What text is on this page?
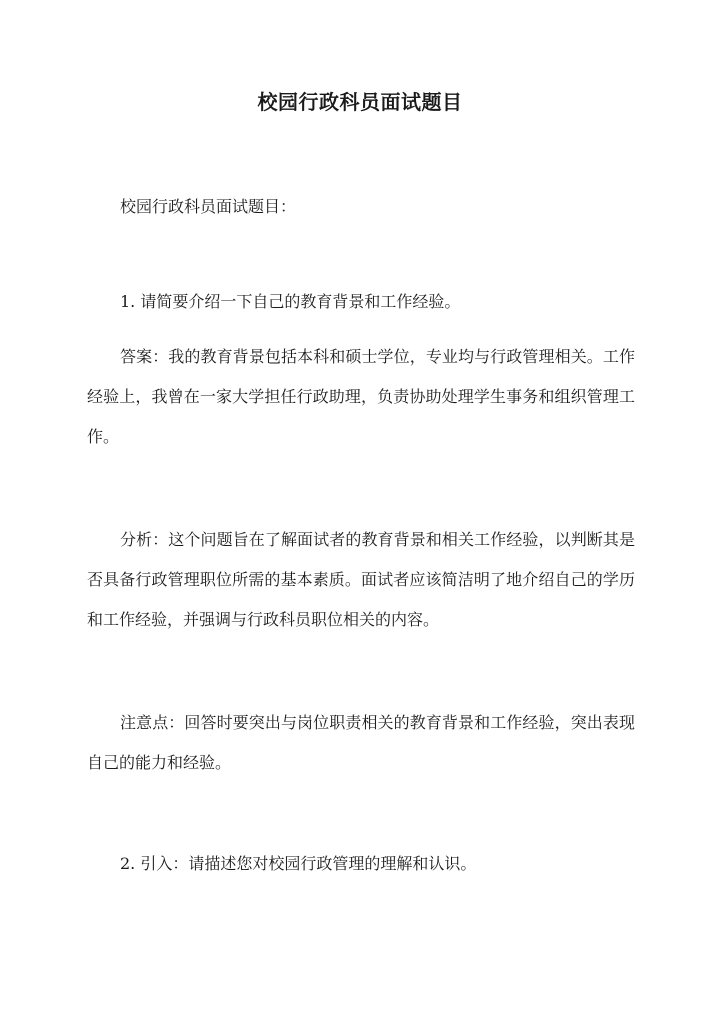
校园行政科员面试题目

校园行政科员面试题目：

1. 请简要介绍一下自己的教育背景和工作经验。

答案：我的教育背景包括本科和硕士学位，专业均与行政管理相关。工作经验上，我曾在一家大学担任行政助理，负责协助处理学生事务和组织管理工作。

分析：这个问题旨在了解面试者的教育背景和相关工作经验，以判断其是否具备行政管理职位所需的基本素质。面试者应该简洁明了地介绍自己的学历和工作经验，并强调与行政科员职位相关的内容。

注意点：回答时要突出与岗位职责相关的教育背景和工作经验，突出表现自己的能力和经验。

2. 引入：请描述您对校园行政管理的理解和认识。
